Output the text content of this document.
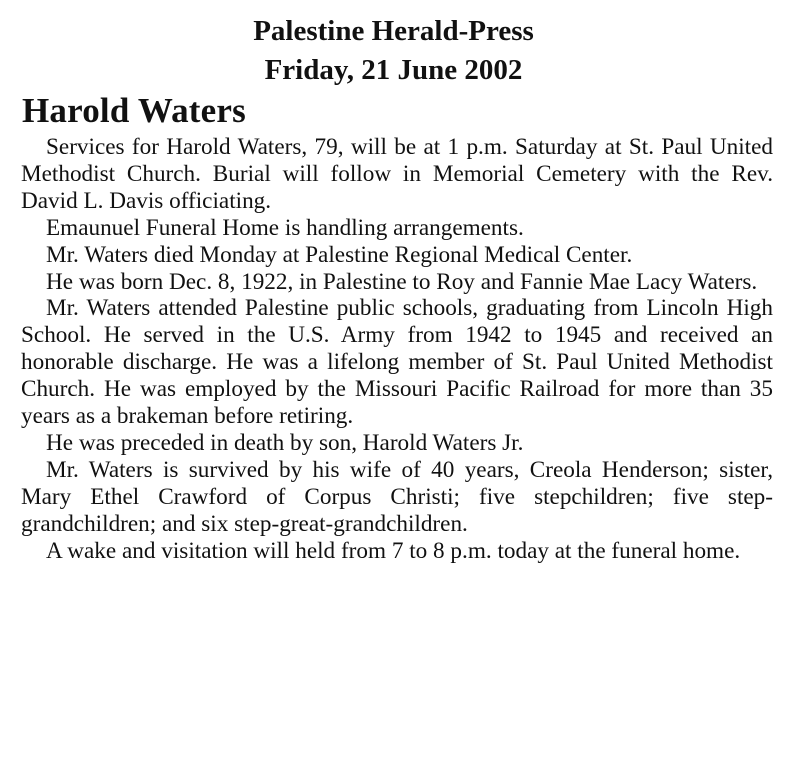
Palestine Herald-Press
Friday, 21 June 2002
Harold Waters

Services for Harold Waters, 79, will be at 1 p.m. Saturday at St. Paul United Methodist Church. Burial will follow in Memorial Cemetery with the Rev. David L. Davis officiating.

Emaunuel Funeral Home is handling arrangements.

Mr. Waters died Monday at Palestine Regional Medical Center.

He was born Dec. 8, 1922, in Palestine to Roy and Fannie Mae Lacy Waters.

Mr. Waters attended Palestine public schools, graduating from Lincoln High School. He served in the U.S. Army from 1942 to 1945 and received an honorable discharge. He was a lifelong member of St. Paul United Methodist Church. He was employed by the Missouri Pacific Railroad for more than 35 years as a brakeman before retiring.

He was preceded in death by son, Harold Waters Jr.

Mr. Waters is survived by his wife of 40 years, Creola Henderson; sister, Mary Ethel Crawford of Corpus Christi; five stepchildren; five step-grandchildren; and six step-great-grandchildren.

A wake and visitation will held from 7 to 8 p.m. today at the funeral home.
